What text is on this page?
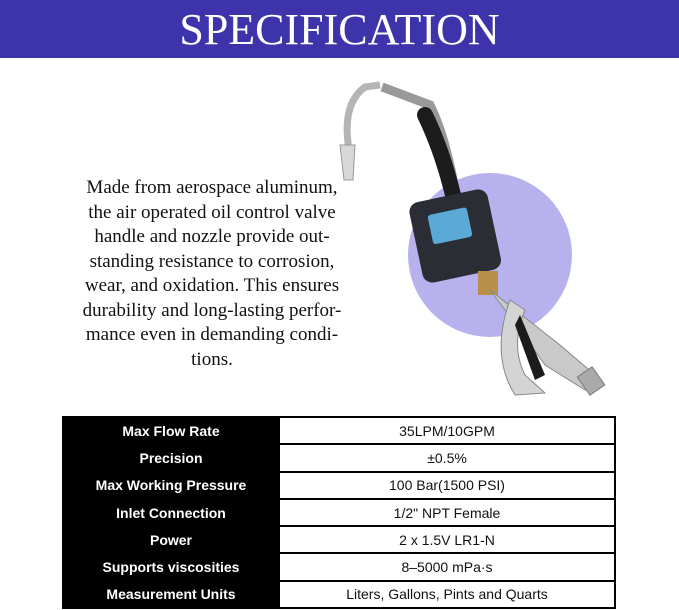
SPECIFICATION
Made from aerospace aluminum,
the air operated oil control valve
handle and nozzle provide out-
standing resistance to corrosion,
wear, and oxidation. This ensures
durability and long-lasting perfor-
mance even in demanding condi-
tions.
Max Flow Rate	35LPM/10GPM
Precision	±0.5%
Max Working Pressure	100 Bar(1500 PSI)
Inlet Connection	1/2" NPT Female
Power	2 x 1.5V LR1-N
Supports viscosities	8–5000 mPa·s
Measurement Units	Liters, Gallons, Pints and Quarts
